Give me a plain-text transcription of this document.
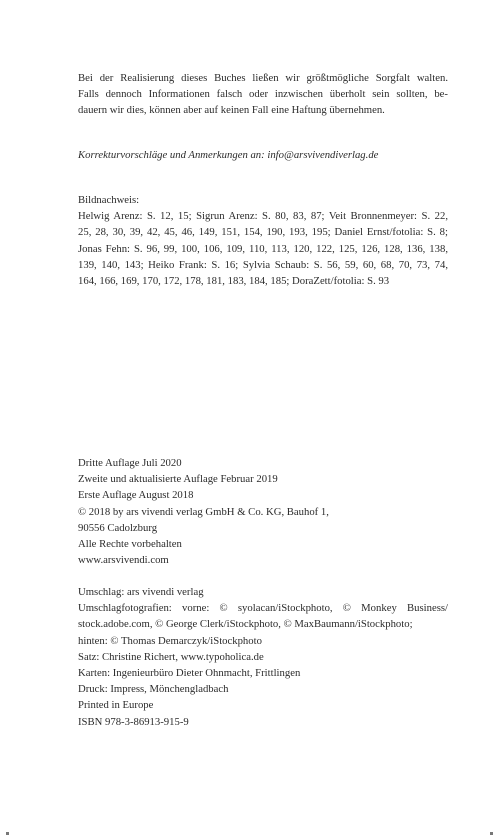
Bei der Realisierung dieses Buches ließen wir größtmögliche Sorgfalt walten.
Falls dennoch Informationen falsch oder inzwischen überholt sein sollten, be-
dauern wir dies, können aber auf keinen Fall eine Haftung übernehmen.
Korrekturvorschläge und Anmerkungen an: info@arsvivendiverlag.de
Bildnachweis:
Helwig Arenz: S. 12, 15; Sigrun Arenz: S. 80, 83, 87; Veit Bronnenmeyer: S. 22,
25, 28, 30, 39, 42, 45, 46, 149, 151, 154, 190, 193, 195; Daniel Ernst/fotolia: S. 8;
Jonas Fehn: S. 96, 99, 100, 106, 109, 110, 113, 120, 122, 125, 126, 128, 136, 138,
139, 140, 143; Heiko Frank: S. 16; Sylvia Schaub: S. 56, 59, 60, 68, 70, 73, 74,
164, 166, 169, 170, 172, 178, 181, 183, 184, 185; DoraZett/fotolia: S. 93
Dritte Auflage Juli 2020
Zweite und aktualisierte Auflage Februar 2019
Erste Auflage August 2018
© 2018 by ars vivendi verlag GmbH & Co. KG, Bauhof 1,
90556 Cadolzburg
Alle Rechte vorbehalten
www.arsvivendi.com
Umschlag: ars vivendi verlag
Umschlagfotografien: vorne: © syolacan/iStockphoto, © Monkey Business/
stock.adobe.com, © George Clerk/iStockphoto, © MaxBaumann/iStockphoto;
hinten: © Thomas Demarczyk/iStockphoto
Satz: Christine Richert, www.typoholica.de
Karten: Ingenieurbüro Dieter Ohnmacht, Frittlingen
Druck: Impress, Mönchengladbach
Printed in Europe
ISBN 978-3-86913-915-9
